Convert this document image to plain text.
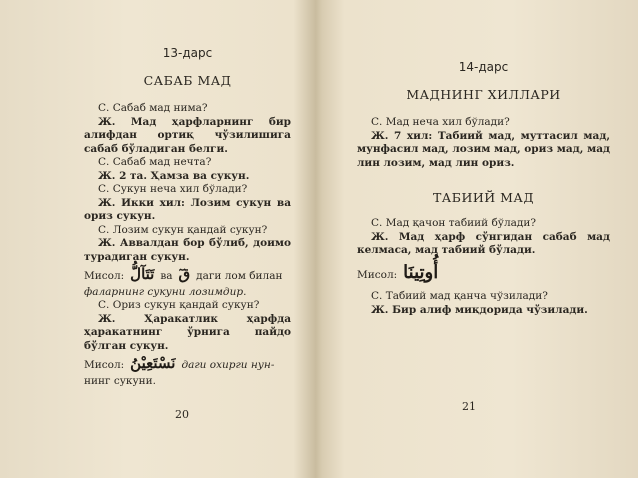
13-дарс
САБАБ МАД

С. Сабаб мад нима?

Ж. Мад ҳарфларнинг бир алифдан ортиқ чўзилишига сабаб бўладиган белги.

С. Сабаб мад нечта?

Ж. 2 та. Ҳамза ва сукун.

С. Сукун неча хил бўлади?

Ж. Икки хил: Лозим сукун ва ориз сукун.

С. Лозим сукун қандай сукун?

Ж. Аввалдан бор бўлиб, доимо турадиган сукун.

Мисол: تَتَآلُّ ва قٓ даги лом билан

фаларнинг сукуни лозимдир.

С. Ориз сукун қандай сукун?

Ж. Ҳаракатлик ҳарфда ҳаракатнинг ўрнига пайдо бўлган сукун.

Мисол: نَسْتَعِيْنُ даги охирги нун-

нинг сукуни.

20
14-дарс
МАДНИНГ ХИЛЛАРИ

С. Мад неча хил бўлади?

Ж. 7 хил: Табиий мад, муттасил мад, мунфасил мад, лозим мад, ориз мад, мад лин лозим, мад лин ориз.

ТАБИИЙ МАД

С. Мад қачон табиий бўлади?

Ж. Мад ҳарф сўнгидан сабаб мад келмаса, мад табиий бўлади.

Мисол: أُوتِينَا

С. Табиий мад қанча чўзилади?

Ж. Бир алиф миқдорида чўзилади.

21
